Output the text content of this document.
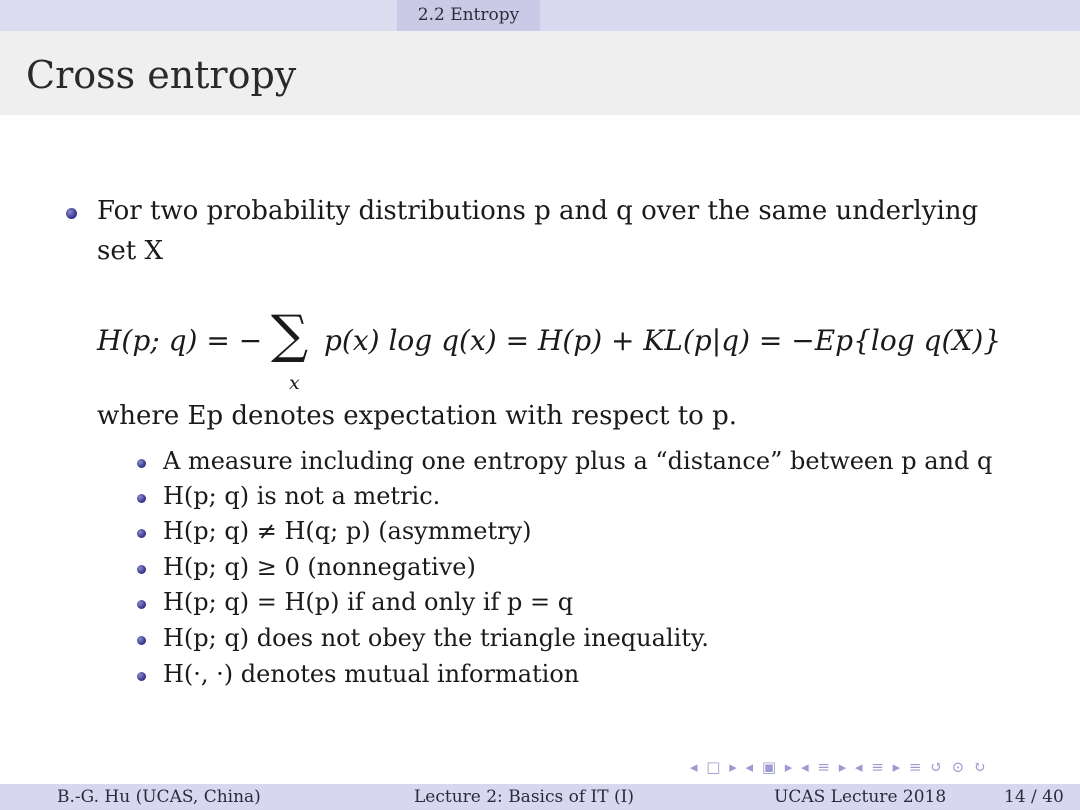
2.2 Entropy
Cross entropy
For two probability distributions p and q over the same underlying
set X
H(p; q) = − ∑
x
p(x) log q(x) = H(p) + KL(p|q) = −Ep{log q(X)}
where Ep denotes expectation with respect to p.
A measure including one entropy plus a “distance” between p and q
H(p; q) is not a metric.
H(p; q) ≠ H(q; p) (asymmetry)
H(p; q) ≥ 0 (nonnegative)
H(p; q) = H(p) if and only if p = q
H(p; q) does not obey the triangle inequality.
H(·, ·) denotes mutual information
◂ □ ▸ ◂ ▣ ▸ ◂ ≡ ▸ ◂ ≡ ▸ ≡ ↺ ⊙ ↻
B.-G. Hu (UCAS, China)	Lecture 2: Basics of IT (I)	UCAS Lecture 2018	14 / 40
